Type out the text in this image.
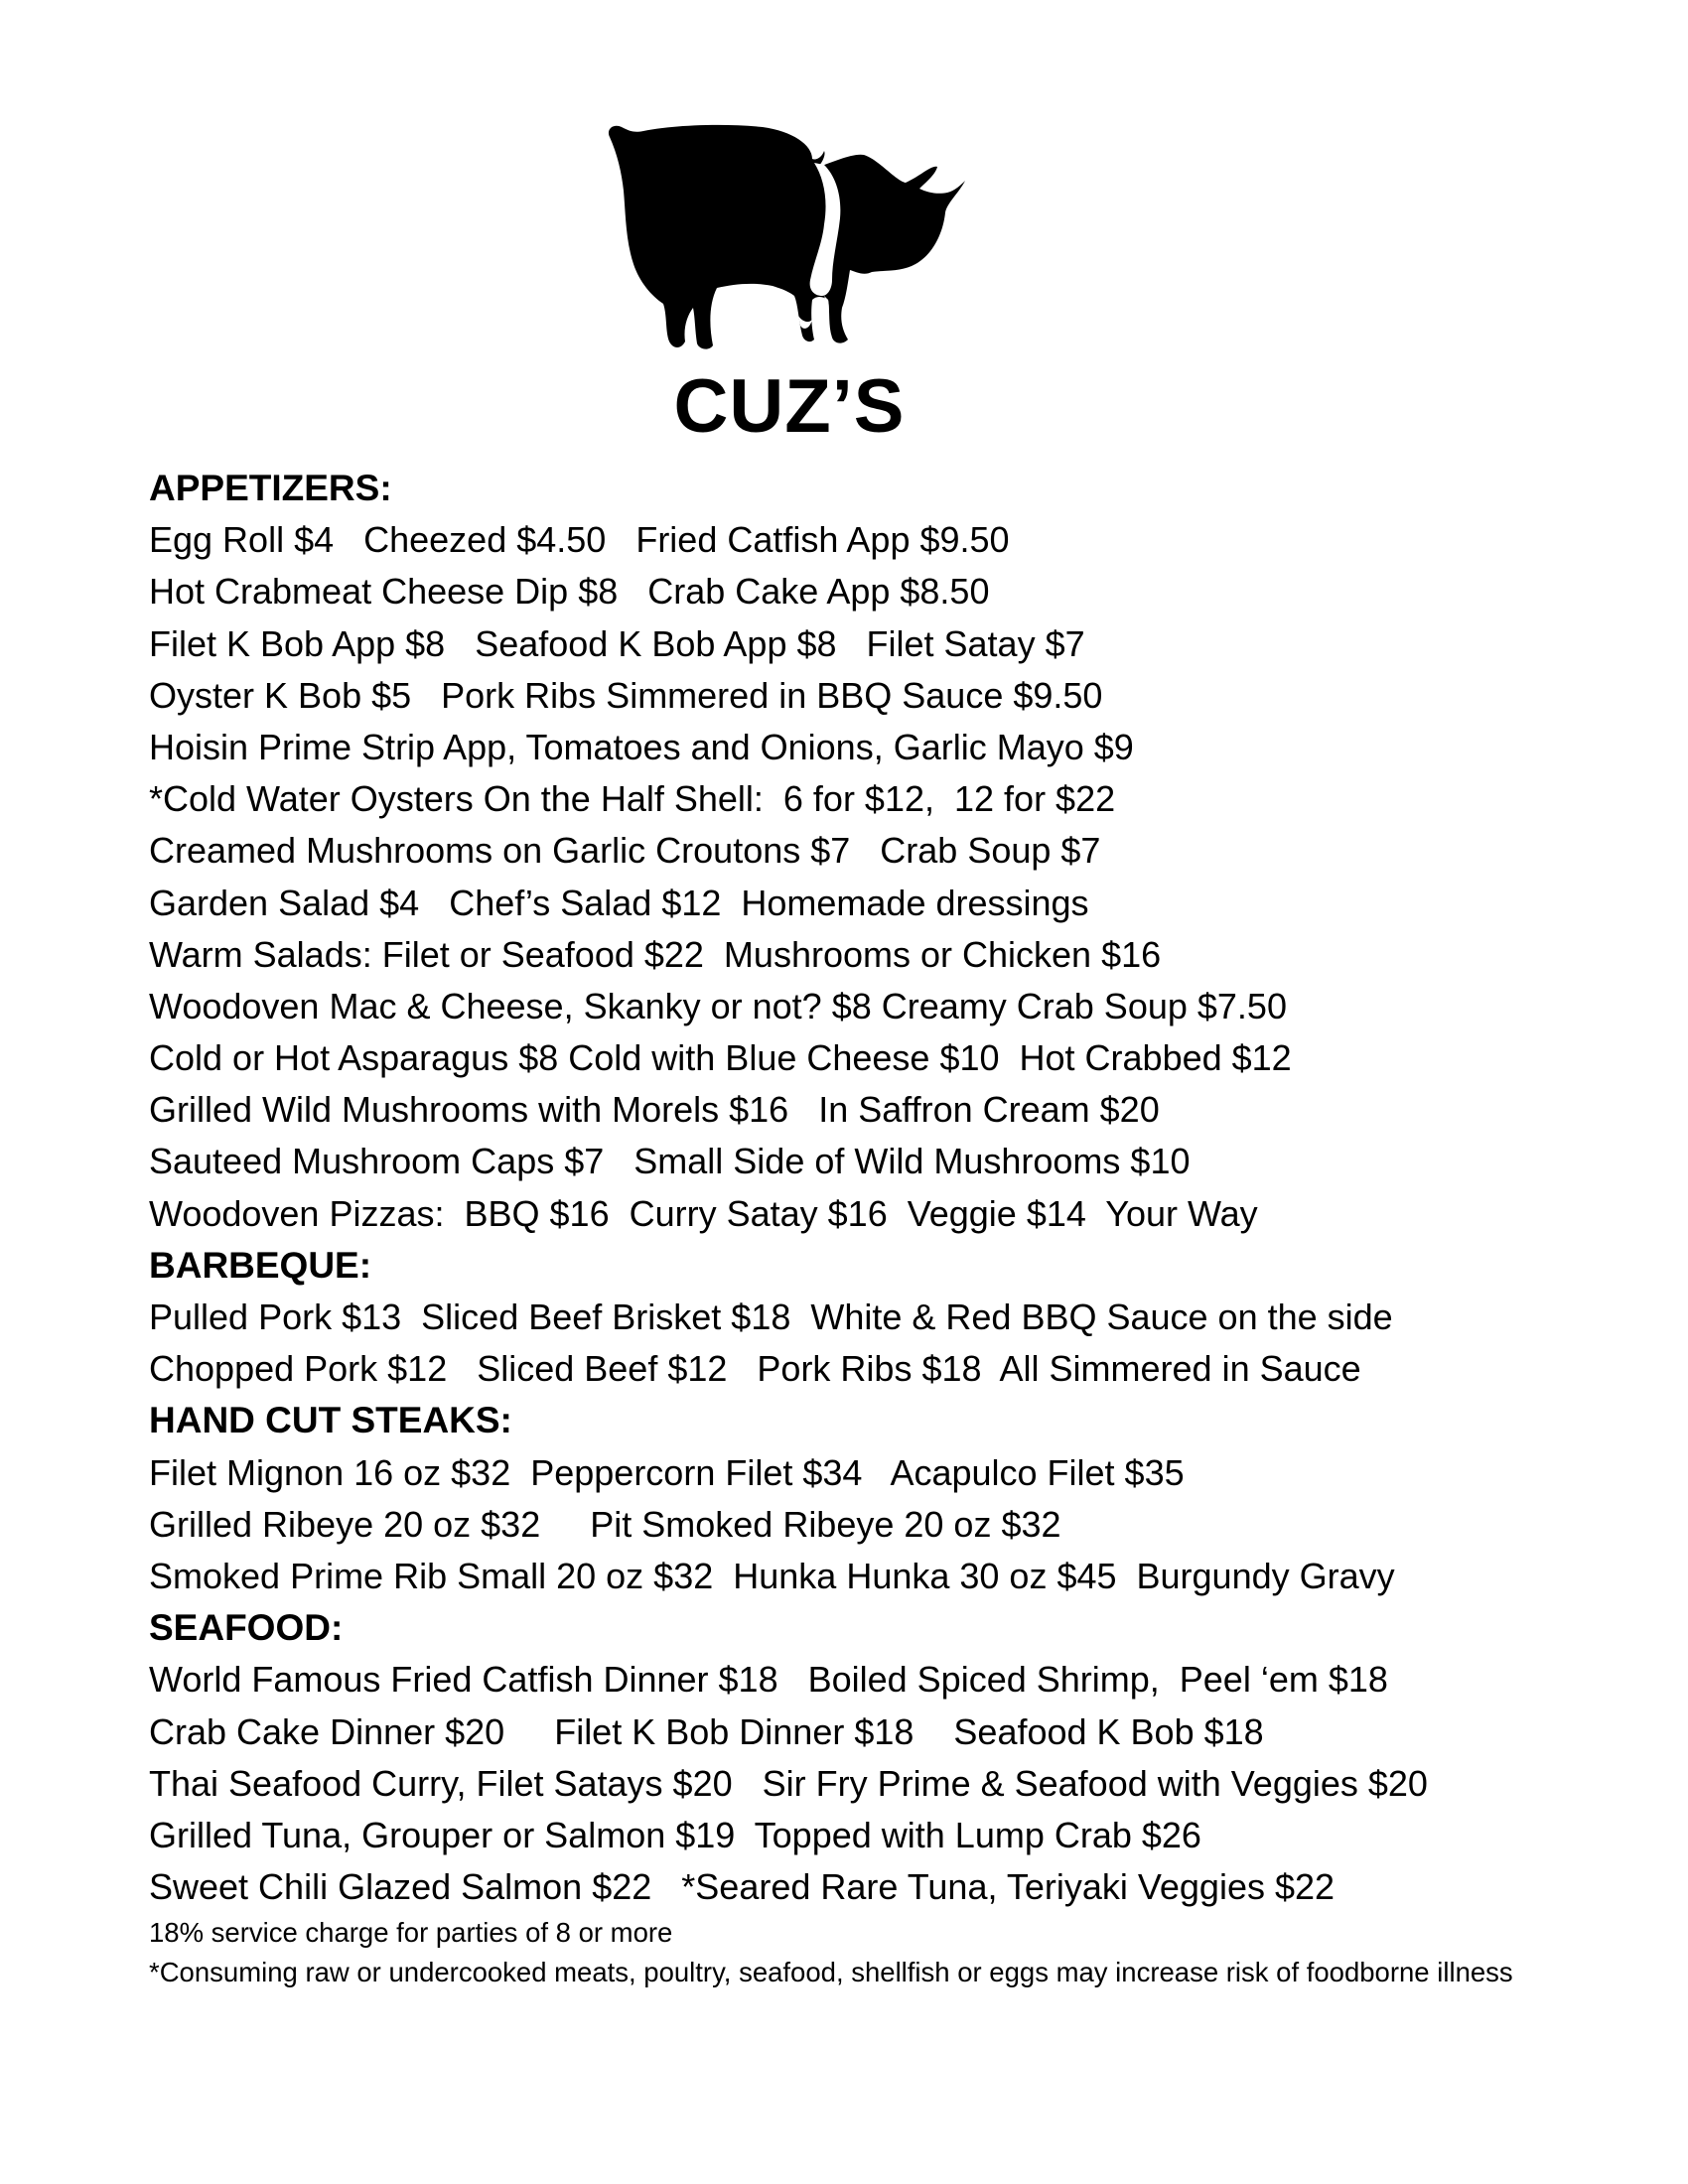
CUZ’S
APPETIZERS:
Egg Roll $4   Cheezed $4.50   Fried Catfish App $9.50
Hot Crabmeat Cheese Dip $8   Crab Cake App $8.50
Filet K Bob App $8   Seafood K Bob App $8   Filet Satay $7
Oyster K Bob $5   Pork Ribs Simmered in BBQ Sauce $9.50
Hoisin Prime Strip App, Tomatoes and Onions, Garlic Mayo $9
*Cold Water Oysters On the Half Shell:  6 for $12,  12 for $22
Creamed Mushrooms on Garlic Croutons $7   Crab Soup $7
Garden Salad $4   Chef’s Salad $12  Homemade dressings
Warm Salads: Filet or Seafood $22  Mushrooms or Chicken $16
Woodoven Mac & Cheese, Skanky or not? $8 Creamy Crab Soup $7.50
Cold or Hot Asparagus $8 Cold with Blue Cheese $10  Hot Crabbed $12
Grilled Wild Mushrooms with Morels $16   In Saffron Cream $20
Sauteed Mushroom Caps $7   Small Side of Wild Mushrooms $10
Woodoven Pizzas:  BBQ $16  Curry Satay $16  Veggie $14  Your Way
BARBEQUE:
Pulled Pork $13  Sliced Beef Brisket $18  White & Red BBQ Sauce on the side
Chopped Pork $12   Sliced Beef $12   Pork Ribs $18  All Simmered in Sauce
HAND CUT STEAKS:
Filet Mignon 16 oz $32  Peppercorn Filet $34   Acapulco Filet $35
Grilled Ribeye 20 oz $32     Pit Smoked Ribeye 20 oz $32
Smoked Prime Rib Small 20 oz $32  Hunka Hunka 30 oz $45  Burgundy Gravy
SEAFOOD:
World Famous Fried Catfish Dinner $18   Boiled Spiced Shrimp,  Peel ‘em $18
Crab Cake Dinner $20     Filet K Bob Dinner $18    Seafood K Bob $18
Thai Seafood Curry, Filet Satays $20   Sir Fry Prime & Seafood with Veggies $20
Grilled Tuna, Grouper or Salmon $19  Topped with Lump Crab $26
Sweet Chili Glazed Salmon $22   *Seared Rare Tuna, Teriyaki Veggies $22
18% service charge for parties of 8 or more
*Consuming raw or undercooked meats, poultry, seafood, shellfish or eggs may increase risk of foodborne illness
